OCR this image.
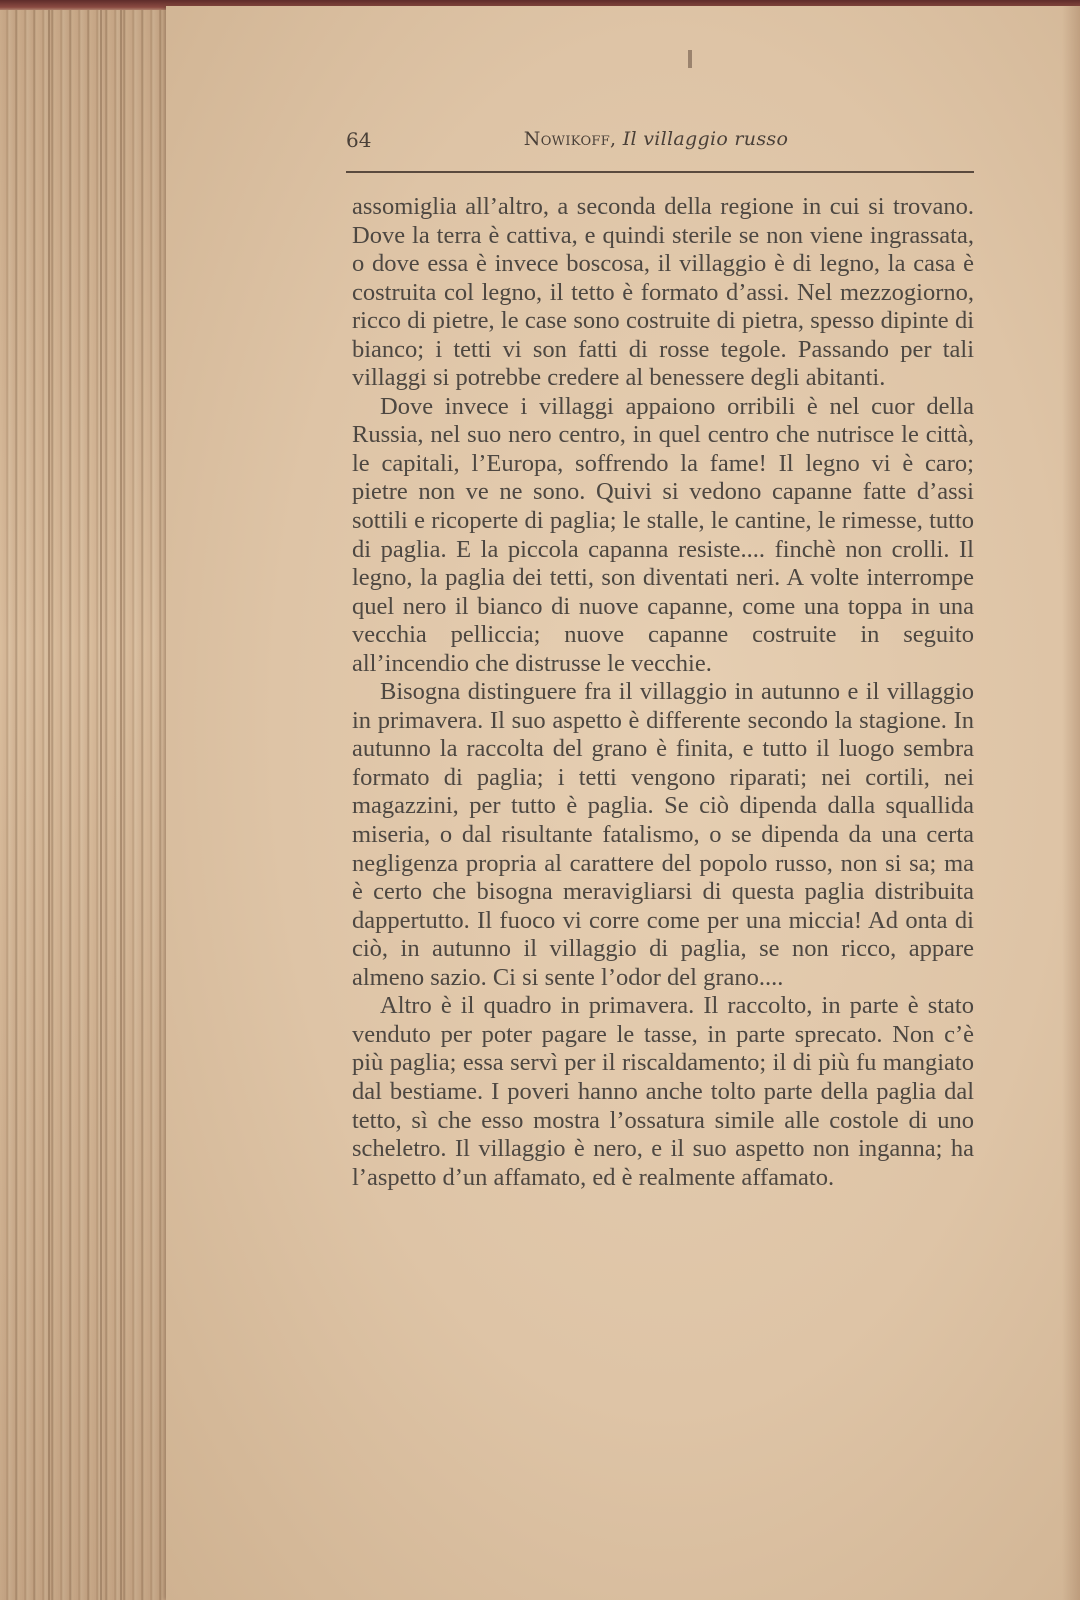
64	Nowikoff, Il villaggio russo

assomiglia all’altro, a seconda della regione in cui si trovano. Dove la terra è cattiva, e quindi sterile se non viene ingrassata, o dove essa è invece boscosa, il villaggio è di legno, la casa è costruita col legno, il tetto è formato d’assi. Nel mezzogiorno, ricco di pietre, le case sono costruite di pietra, spesso dipinte di bianco; i tetti vi son fatti di rosse tegole. Passando per tali villaggi si potrebbe credere al benessere degli abitanti.

Dove invece i villaggi appaiono orribili è nel cuor della Russia, nel suo nero centro, in quel centro che nutrisce le città, le capitali, l’Europa, soffrendo la fame! Il legno vi è caro; pietre non ve ne sono. Quivi si vedono capanne fatte d’assi sottili e ricoperte di paglia; le stalle, le cantine, le rimesse, tutto di paglia. E la piccola capanna resiste.... finchè non crolli. Il legno, la paglia dei tetti, son diventati neri. A volte interrompe quel nero il bianco di nuove capanne, come una toppa in una vecchia pelliccia; nuove capanne costruite in seguito all’incendio che distrusse le vecchie.

Bisogna distinguere fra il villaggio in autunno e il villaggio in primavera. Il suo aspetto è differente secondo la stagione. In autunno la raccolta del grano è finita, e tutto il luogo sembra formato di paglia; i tetti vengono riparati; nei cortili, nei magazzini, per tutto è paglia. Se ciò dipenda dalla squallida miseria, o dal risultante fatalismo, o se dipenda da una certa negligenza propria al carattere del popolo russo, non si sa; ma è certo che bisogna meravigliarsi di questa paglia distribuita dappertutto. Il fuoco vi corre come per una miccia! Ad onta di ciò, in autunno il villaggio di paglia, se non ricco, appare almeno sazio. Ci si sente l’odor del grano....

Altro è il quadro in primavera. Il raccolto, in parte è stato venduto per poter pagare le tasse, in parte sprecato. Non c’è più paglia; essa servì per il riscaldamento; il di più fu mangiato dal bestiame. I poveri hanno anche tolto parte della paglia dal tetto, sì che esso mostra l’ossatura simile alle costole di uno scheletro. Il villaggio è nero, e il suo aspetto non inganna; ha l’aspetto d’un affamato, ed è realmente affamato.
